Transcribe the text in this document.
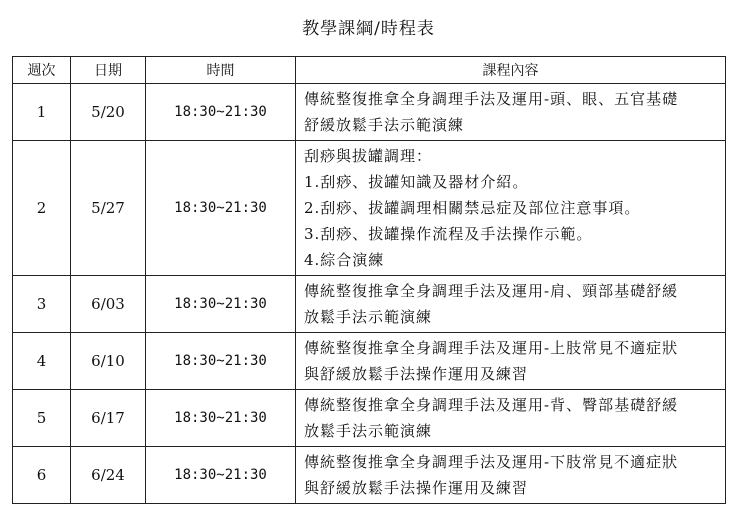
教學課綱/時程表
週次	日期	時間	課程內容
1	5/20	18:30~21:30	傳統整復推拿全身調理手法及運用-頭、眼、五官基礎
舒緩放鬆手法示範演練

2	5/27	18:30~21:30	刮痧與拔罐調理：
1.刮痧、拔罐知識及器材介紹。
2.刮痧、拔罐調理相關禁忌症及部位注意事項。
3.刮痧、拔罐操作流程及手法操作示範。
4.綜合演練

3	6/03	18:30~21:30	傳統整復推拿全身調理手法及運用-肩、頸部基礎舒緩
放鬆手法示範演練

4	6/10	18:30~21:30	傳統整復推拿全身調理手法及運用-上肢常見不適症狀
與舒緩放鬆手法操作運用及練習

5	6/17	18:30~21:30	傳統整復推拿全身調理手法及運用-背、臀部基礎舒緩
放鬆手法示範演練

6	6/24	18:30~21:30	傳統整復推拿全身調理手法及運用-下肢常見不適症狀
與舒緩放鬆手法操作運用及練習
